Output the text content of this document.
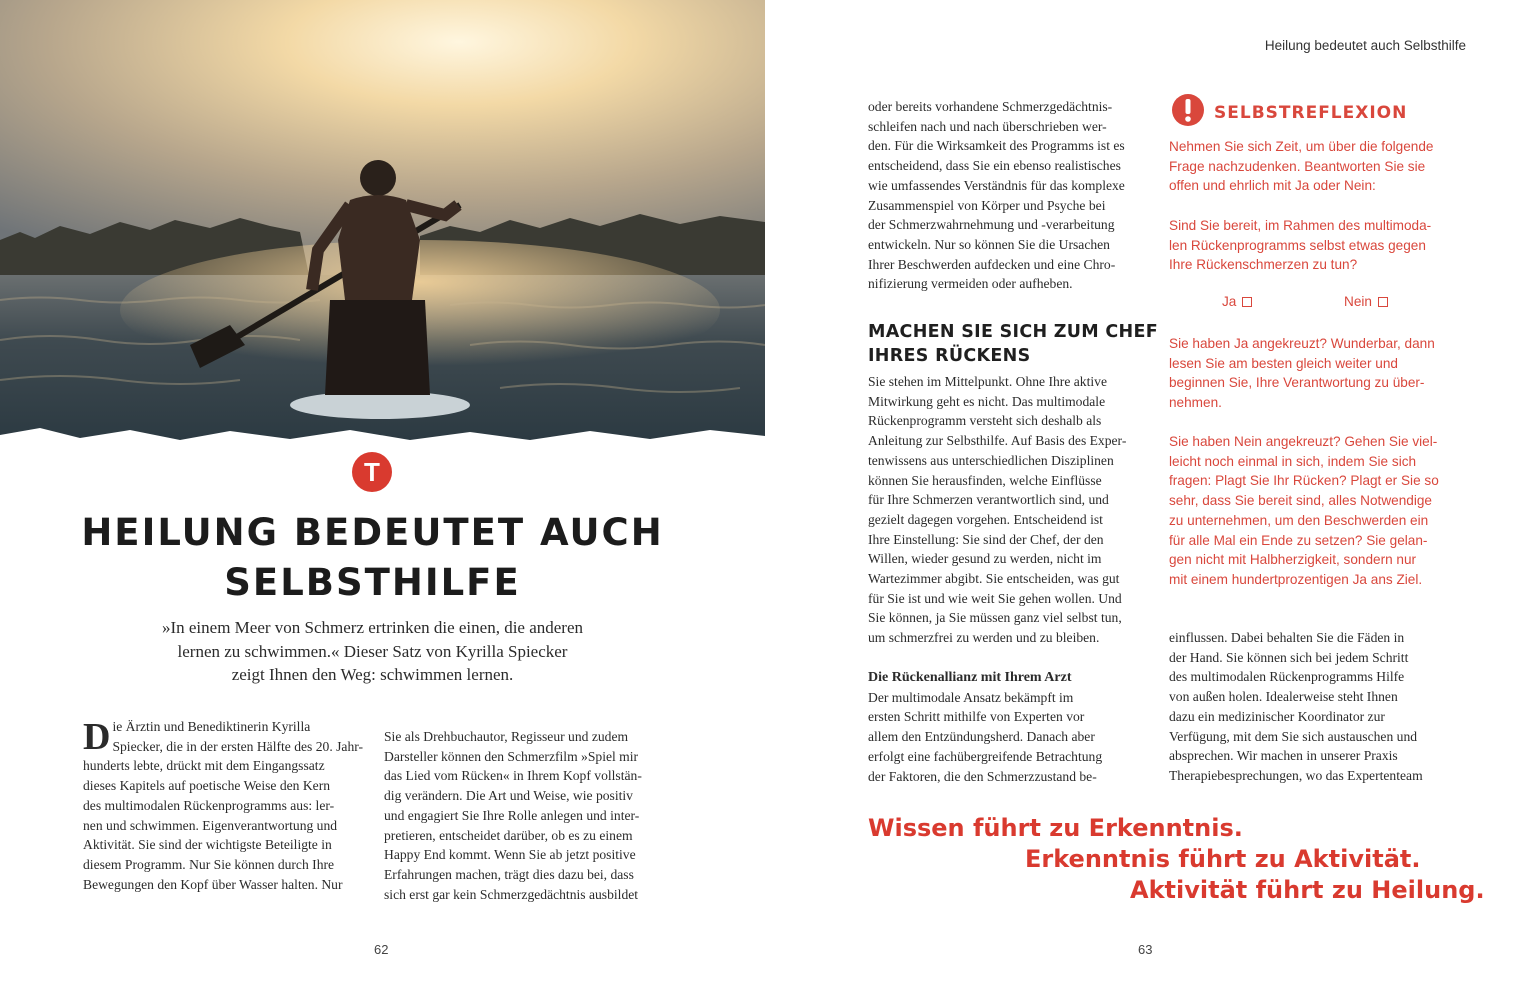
T
HEILUNG BEDEUTET AUCH
SELBSTHILFE

»In einem Meer von Schmerz ertrinken die einen, die anderen
lernen zu schwimmen.« Dieser Satz von Kyrilla Spiecker
zeigt Ihnen den Weg: schwimmen lernen.

D ie Ärztin und Benediktinerin Kyrilla
Spiecker, die in der ersten Hälfte des 20. Jahr-
hunderts lebte, drückt mit dem Eingangssatz
dieses Kapitels auf poetische Weise den Kern
des multimodalen Rückenprogramms aus: ler-
nen und schwimmen. Eigenverantwortung und
Aktivität. Sie sind der wichtigste Beteiligte in
diesem Programm. Nur Sie können durch Ihre
Bewegungen den Kopf über Wasser halten. Nur
Sie als Drehbuchautor, Regisseur und zudem
Darsteller können den Schmerzfilm »Spiel mir
das Lied vom Rücken« in Ihrem Kopf vollstän-
dig verändern. Die Art und Weise, wie positiv
und engagiert Sie Ihre Rolle anlegen und inter-
pretieren, entscheidet darüber, ob es zu einem
Happy End kommt. Wenn Sie ab jetzt positive
Erfahrungen machen, trägt dies dazu bei, dass
sich erst gar kein Schmerzgedächtnis ausbildet
62
Heilung bedeutet auch Selbsthilfe
oder bereits vorhandene Schmerzgedächtnis-
schleifen nach und nach überschrieben wer-
den. Für die Wirksamkeit des Programms ist es
entscheidend, dass Sie ein ebenso realistisches
wie umfassendes Verständnis für das komplexe
Zusammenspiel von Körper und Psyche bei
der Schmerzwahrnehmung und -verarbeitung
entwickeln. Nur so können Sie die Ursachen
Ihrer Beschwerden aufdecken und eine Chro-
nifizierung vermeiden oder aufheben.
MACHEN SIE SICH ZUM CHEF
IHRES RÜCKENS
Sie stehen im Mittelpunkt. Ohne Ihre aktive
Mitwirkung geht es nicht. Das multimodale
Rückenprogramm versteht sich deshalb als
Anleitung zur Selbsthilfe. Auf Basis des Exper-
tenwissens aus unterschiedlichen Disziplinen
können Sie herausfinden, welche Einflüsse
für Ihre Schmerzen verantwortlich sind, und
gezielt dagegen vorgehen. Entscheidend ist
Ihre Einstellung: Sie sind der Chef, der den
Willen, wieder gesund zu werden, nicht im
Wartezimmer abgibt. Sie entscheiden, was gut
für Sie ist und wie weit Sie gehen wollen. Und
Sie können, ja Sie müssen ganz viel selbst tun,
um schmerzfrei zu werden und zu bleiben.
Die Rückenallianz mit Ihrem Arzt
Der multimodale Ansatz bekämpft im
ersten Schritt mithilfe von Experten vor
allem den Entzündungsherd. Danach aber
erfolgt eine fachübergreifende Betrachtung
der Faktoren, die den Schmerzzustand be-
SELBSTREFLEXION

Nehmen Sie sich Zeit, um über die folgende
Frage nachzudenken. Beantworten Sie sie
offen und ehrlich mit Ja oder Nein:

Sind Sie bereit, im Rahmen des multimoda-
len Rückenprogramms selbst etwas gegen
Ihre Rückenschmerzen zu tun?

Ja	Nein

Sie haben Ja angekreuzt? Wunderbar, dann
lesen Sie am besten gleich weiter und
beginnen Sie, Ihre Verantwortung zu über-
nehmen.

Sie haben Nein angekreuzt? Gehen Sie viel-
leicht noch einmal in sich, indem Sie sich
fragen: Plagt Sie Ihr Rücken? Plagt er Sie so
sehr, dass Sie bereit sind, alles Notwendige
zu unternehmen, um den Beschwerden ein
für alle Mal ein Ende zu setzen? Sie gelan-
gen nicht mit Halbherzigkeit, sondern nur
mit einem hundertprozentigen Ja ans Ziel.

einflussen. Dabei behalten Sie die Fäden in
der Hand. Sie können sich bei jedem Schritt
des multimodalen Rückenprogramms Hilfe
von außen holen. Idealerweise steht Ihnen
dazu ein medizinischer Koordinator zur
Verfügung, mit dem Sie sich austauschen und
absprechen. Wir machen in unserer Praxis
Therapiebesprechungen, wo das Expertenteam
Wissen führt zu Erkenntnis.
Erkenntnis führt zu Aktivität.
Aktivität führt zu Heilung.
63
